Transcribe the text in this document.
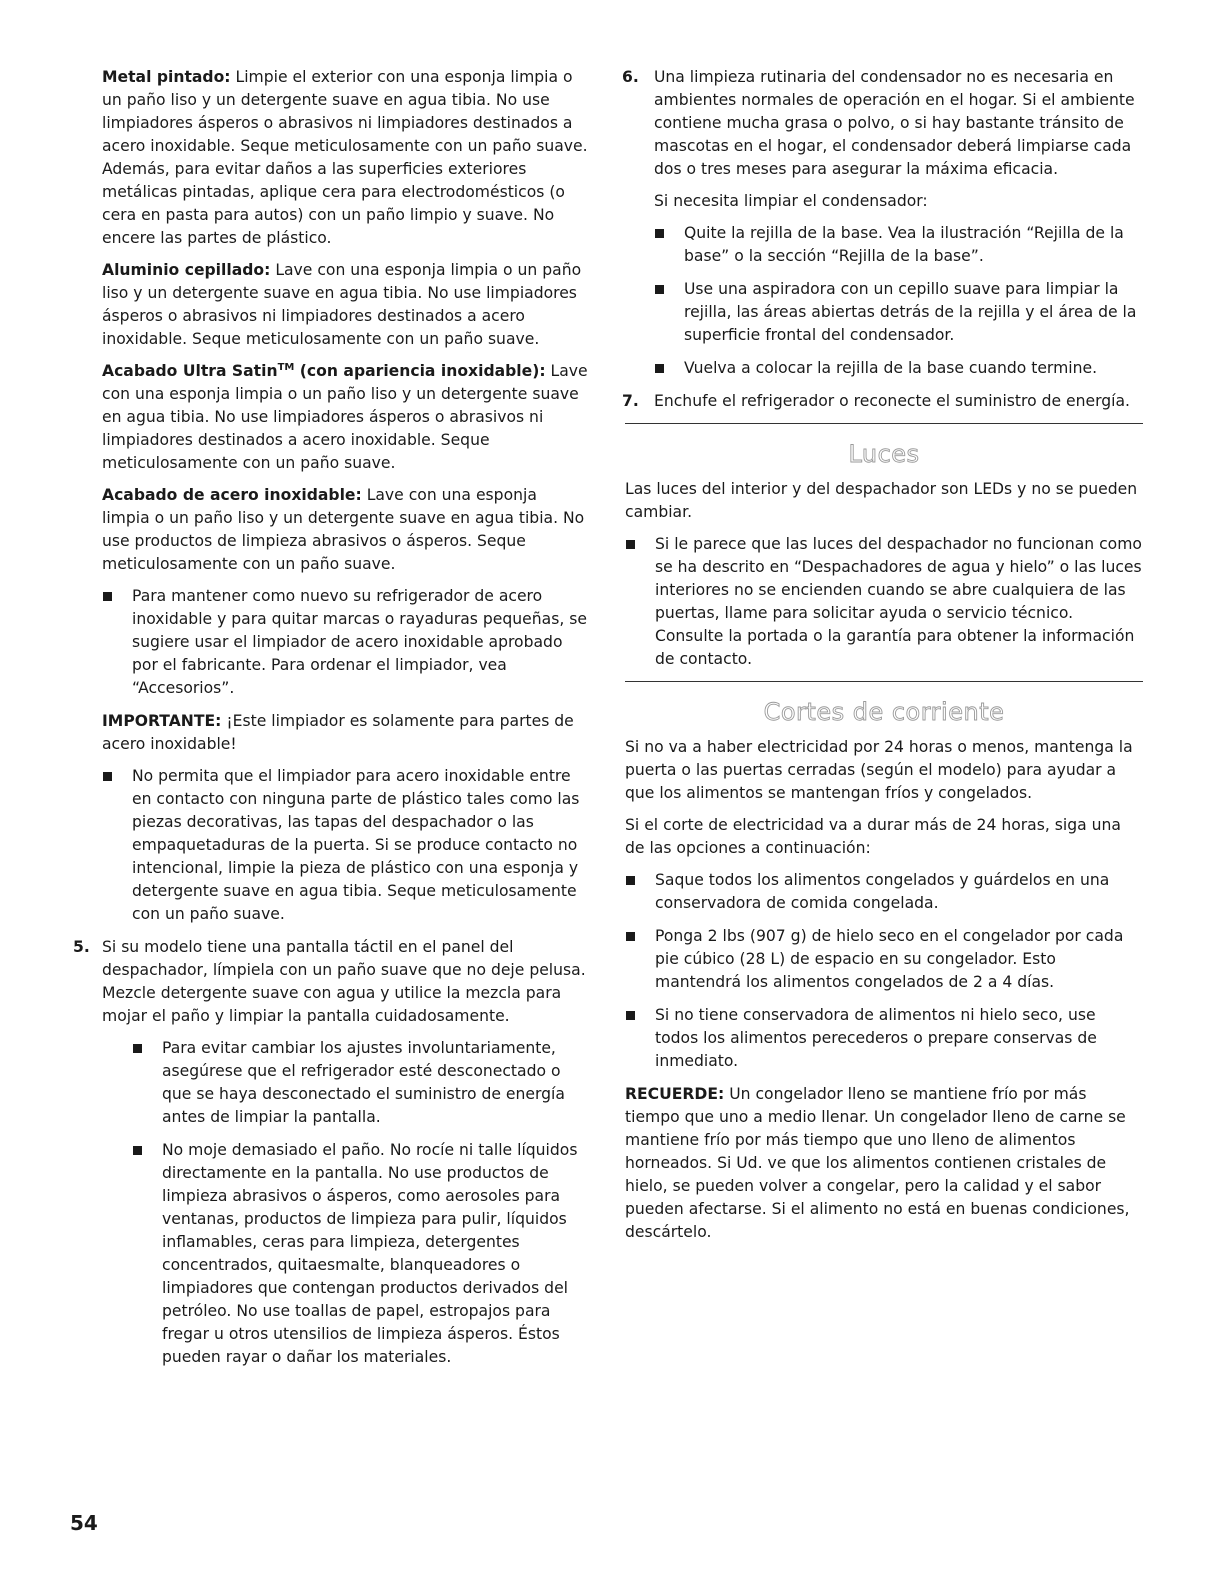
Metal pintado: Limpie el exterior con una esponja limpia o un paño liso y un detergente suave en agua tibia. No use limpiadores ásperos o abrasivos ni limpiadores destinados a acero inoxidable. Seque meticulosamente con un paño suave. Además, para evitar daños a las superficies exteriores metálicas pintadas, aplique cera para electrodomésticos (o cera en pasta para autos) con un paño limpio y suave. No encere las partes de plástico.

Aluminio cepillado: Lave con una esponja limpia o un paño liso y un detergente suave en agua tibia. No use limpiadores ásperos o abrasivos ni limpiadores destinados a acero inoxidable. Seque meticulosamente con un paño suave.

Acabado Ultra Satin™ (con apariencia inoxidable): Lave con una esponja limpia o un paño liso y un detergente suave en agua tibia. No use limpiadores ásperos o abrasivos ni limpiadores destinados a acero inoxidable. Seque meticulosamente con un paño suave.

Acabado de acero inoxidable: Lave con una esponja limpia o un paño liso y un detergente suave en agua tibia. No use productos de limpieza abrasivos o ásperos. Seque meticulosamente con un paño suave.

Para mantener como nuevo su refrigerador de acero inoxidable y para quitar marcas o rayaduras pequeñas, se sugiere usar el limpiador de acero inoxidable aprobado por el fabricante. Para ordenar el limpiador, vea “Accesorios”.

IMPORTANTE: ¡Este limpiador es solamente para partes de acero inoxidable!

No permita que el limpiador para acero inoxidable entre en contacto con ninguna parte de plástico tales como las piezas decorativas, las tapas del despachador o las empaquetaduras de la puerta. Si se produce contacto no intencional, limpie la pieza de plástico con una esponja y detergente suave en agua tibia. Seque meticulosamente con un paño suave.
5. Si su modelo tiene una pantalla táctil en el panel del despachador, límpiela con un paño suave que no deje pelusa. Mezcle detergente suave con agua y utilice la mezcla para mojar el paño y limpiar la pantalla cuidadosamente.
Para evitar cambiar los ajustes involuntariamente, asegúrese que el refrigerador esté desconectado o que se haya desconectado el suministro de energía antes de limpiar la pantalla.
No moje demasiado el paño. No rocíe ni talle líquidos directamente en la pantalla. No use productos de limpieza abrasivos o ásperos, como aerosoles para ventanas, productos de limpieza para pulir, líquidos inflamables, ceras para limpieza, detergentes concentrados, quitaesmalte, blanqueadores o limpiadores que contengan productos derivados del petróleo. No use toallas de papel, estropajos para fregar u otros utensilios de limpieza ásperos. Éstos pueden rayar o dañar los materiales.
6. Una limpieza rutinaria del condensador no es necesaria en ambientes normales de operación en el hogar. Si el ambiente contiene mucha grasa o polvo, o si hay bastante tránsito de mascotas en el hogar, el condensador deberá limpiarse cada dos o tres meses para asegurar la máxima eficacia.

Si necesita limpiar el condensador:

Quite la rejilla de la base. Vea la ilustración “Rejilla de la base” o la sección “Rejilla de la base”.
Use una aspiradora con un cepillo suave para limpiar la rejilla, las áreas abiertas detrás de la rejilla y el área de la superficie frontal del condensador.
Vuelva a colocar la rejilla de la base cuando termine.
7. Enchufe el refrigerador o reconecte el suministro de energía.
Luces

Las luces del interior y del despachador son LEDs y no se pueden cambiar.

Si le parece que las luces del despachador no funcionan como se ha descrito en “Despachadores de agua y hielo” o las luces interiores no se encienden cuando se abre cualquiera de las puertas, llame para solicitar ayuda o servicio técnico. Consulte la portada o la garantía para obtener la información de contacto.
Cortes de corriente

Si no va a haber electricidad por 24 horas o menos, mantenga la puerta o las puertas cerradas (según el modelo) para ayudar a que los alimentos se mantengan fríos y congelados.

Si el corte de electricidad va a durar más de 24 horas, siga una de las opciones a continuación:

Saque todos los alimentos congelados y guárdelos en una conservadora de comida congelada.
Ponga 2 lbs (907 g) de hielo seco en el congelador por cada pie cúbico (28 L) de espacio en su congelador. Esto mantendrá los alimentos congelados de 2 a 4 días.
Si no tiene conservadora de alimentos ni hielo seco, use todos los alimentos perecederos o prepare conservas de inmediato.

RECUERDE: Un congelador lleno se mantiene frío por más tiempo que uno a medio llenar. Un congelador lleno de carne se mantiene frío por más tiempo que uno lleno de alimentos horneados. Si Ud. ve que los alimentos contienen cristales de hielo, se pueden volver a congelar, pero la calidad y el sabor pueden afectarse. Si el alimento no está en buenas condiciones, descártelo.

54
